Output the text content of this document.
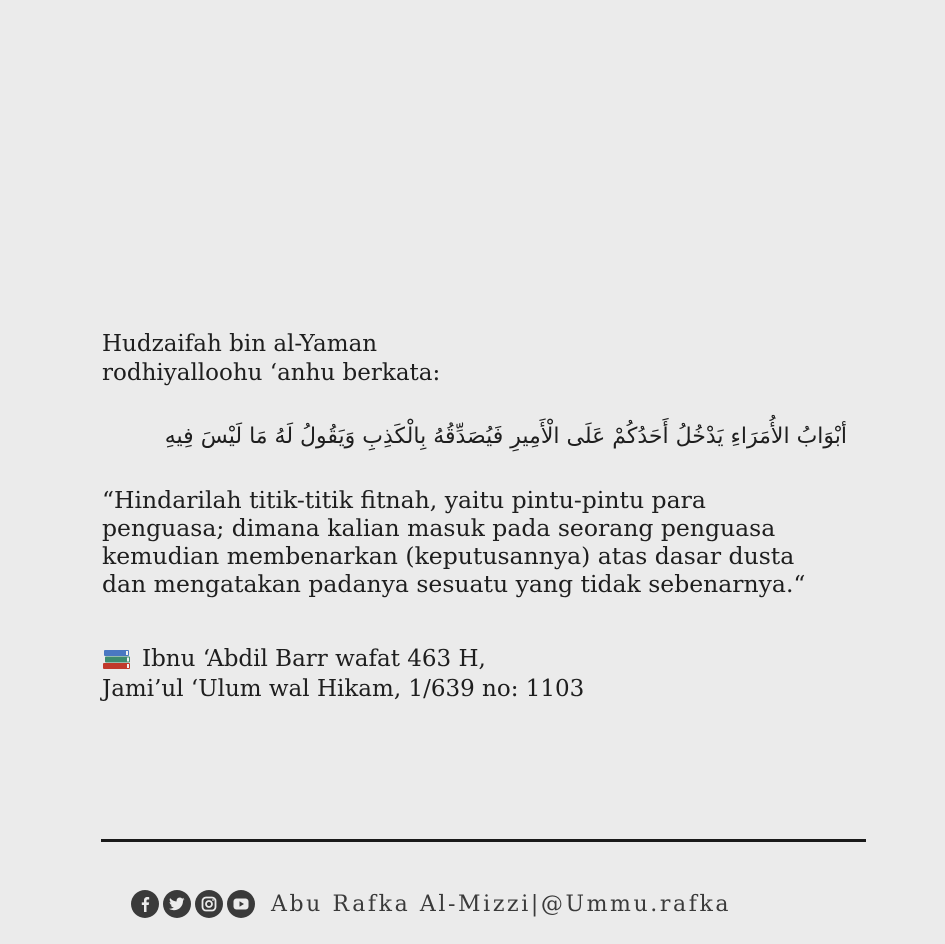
Hudzaifah bin al-Yaman
rodhiyalloohu ‘anhu berkata:
أبْوَابُ الأُمَرَاءِ يَدْخُلُ أَحَدُكُمْ عَلَى الْأَمِيرِ فَيُصَدِّقُهُ بِالْكَذِبِ وَيَقُولُ لَهُ مَا لَيْسَ فِيهِ
“Hindarilah titik-titik fitnah, yaitu pintu-pintu para
penguasa; dimana kalian masuk pada seorang penguasa
kemudian membenarkan (keputusannya) atas dasar dusta
dan mengatakan padanya sesuatu yang tidak sebenarnya.“
Ibnu ‘Abdil Barr wafat 463 H,
Jami’ul ‘Ulum wal Hikam, 1/639 no: 1103
Abu Rafka Al-Mizzi|@Ummu.rafka
